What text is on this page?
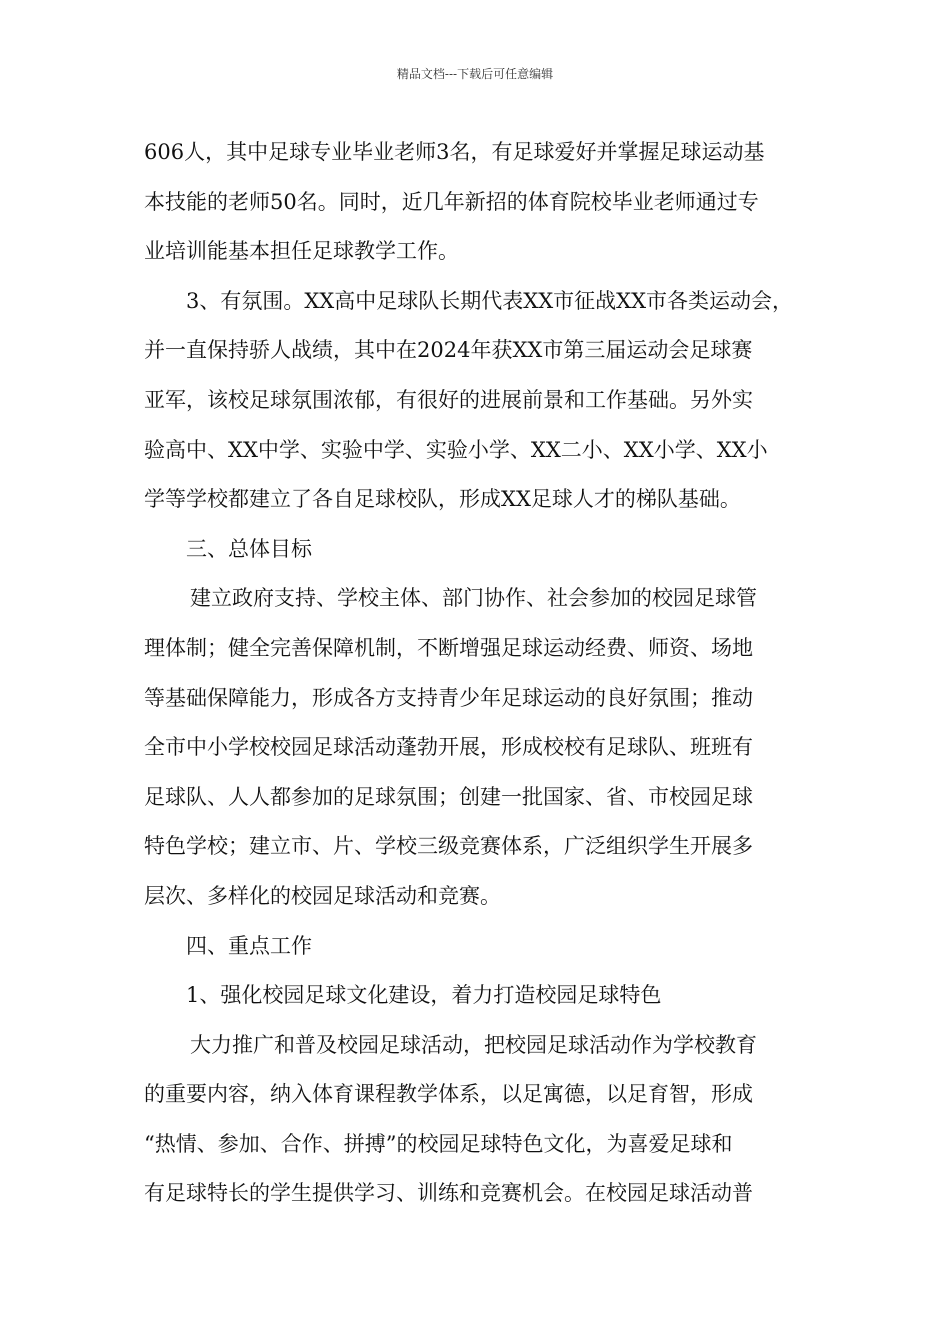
精品文档---下载后可任意编辑
606人，其中足球专业毕业老师3名，有足球爱好并掌握足球运动基
本技能的老师50名。同时，近几年新招的体育院校毕业老师通过专
业培训能基本担任足球教学工作。
3、有氛围。XX高中足球队长期代表XX市征战XX市各类运动会，
并一直保持骄人战绩，其中在2024年获XX市第三届运动会足球赛
亚军，该校足球氛围浓郁，有很好的进展前景和工作基础。另外实
验高中、XX中学、实验中学、实验小学、XX二小、XX小学、XX小
学等学校都建立了各自足球校队，形成XX足球人才的梯队基础。
三、总体目标
建立政府支持、学校主体、部门协作、社会参加的校园足球管
理体制；健全完善保障机制，不断增强足球运动经费、师资、场地
等基础保障能力，形成各方支持青少年足球运动的良好氛围；推动
全市中小学校校园足球活动蓬勃开展，形成校校有足球队、班班有
足球队、人人都参加的足球氛围；创建一批国家、省、市校园足球
特色学校；建立市、片、学校三级竞赛体系，广泛组织学生开展多
层次、多样化的校园足球活动和竞赛。
四、重点工作
1、强化校园足球文化建设，着力打造校园足球特色
大力推广和普及校园足球活动，把校园足球活动作为学校教育
的重要内容，纳入体育课程教学体系，以足寓德，以足育智，形成
“热情、参加、合作、拼搏”的校园足球特色文化，为喜爱足球和
有足球特长的学生提供学习、训练和竞赛机会。在校园足球活动普
